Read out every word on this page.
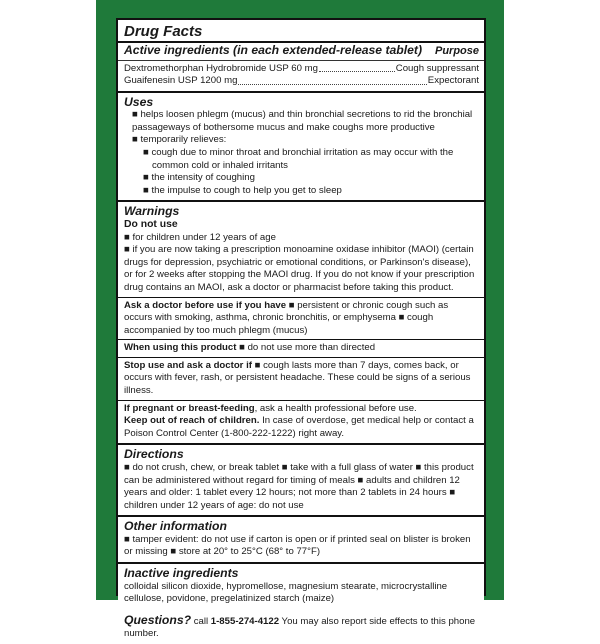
Drug Facts
Active ingredients (in each extended-release tablet) Purpose
Dextromethorphan Hydrobromide USP 60 mg	Cough suppressant
Guaifenesin USP 1200 mg	Expectorant
Uses
■ helps loosen phlegm (mucus) and thin bronchial secretions to rid the bronchial passageways of bothersome mucus and make coughs more productive
■ temporarily relieves:
■ cough due to minor throat and bronchial irritation as may occur with the common cold or inhaled irritants
■ the intensity of coughing
■ the impulse to cough to help you get to sleep
Warnings
Do not use
■ for children under 12 years of age
■ if you are now taking a prescription monoamine oxidase inhibitor (MAOI) (certain drugs for depression, psychiatric or emotional conditions, or Parkinson's disease), or for 2 weeks after stopping the MAOI drug. If you do not know if your prescription drug contains an MAOI, ask a doctor or pharmacist before taking this product.
Ask a doctor before use if you have ■ persistent or chronic cough such as occurs with smoking, asthma, chronic bronchitis, or emphysema ■ cough accompanied by too much phlegm (mucus)
When using this product ■ do not use more than directed
Stop use and ask a doctor if ■ cough lasts more than 7 days, comes back, or occurs with fever, rash, or persistent headache. These could be signs of a serious illness.
If pregnant or breast-feeding, ask a health professional before use.
Keep out of reach of children. In case of overdose, get medical help or contact a Poison Control Center (1-800-222-1222) right away.
Directions
■ do not crush, chew, or break tablet ■ take with a full glass of water ■ this product can be administered without regard for timing of meals ■ adults and children 12 years and older: 1 tablet every 12 hours; not more than 2 tablets in 24 hours ■ children under 12 years of age: do not use
Other information
■ tamper evident: do not use if carton is open or if printed seal on blister is broken or missing ■ store at 20° to 25°C (68° to 77°F)
Inactive ingredients
colloidal silicon dioxide, hypromellose, magnesium stearate, microcrystalline cellulose, povidone, pregelatinized starch (maize)
Questions? call 1-855-274-4122 You may also report side effects to this phone number.
